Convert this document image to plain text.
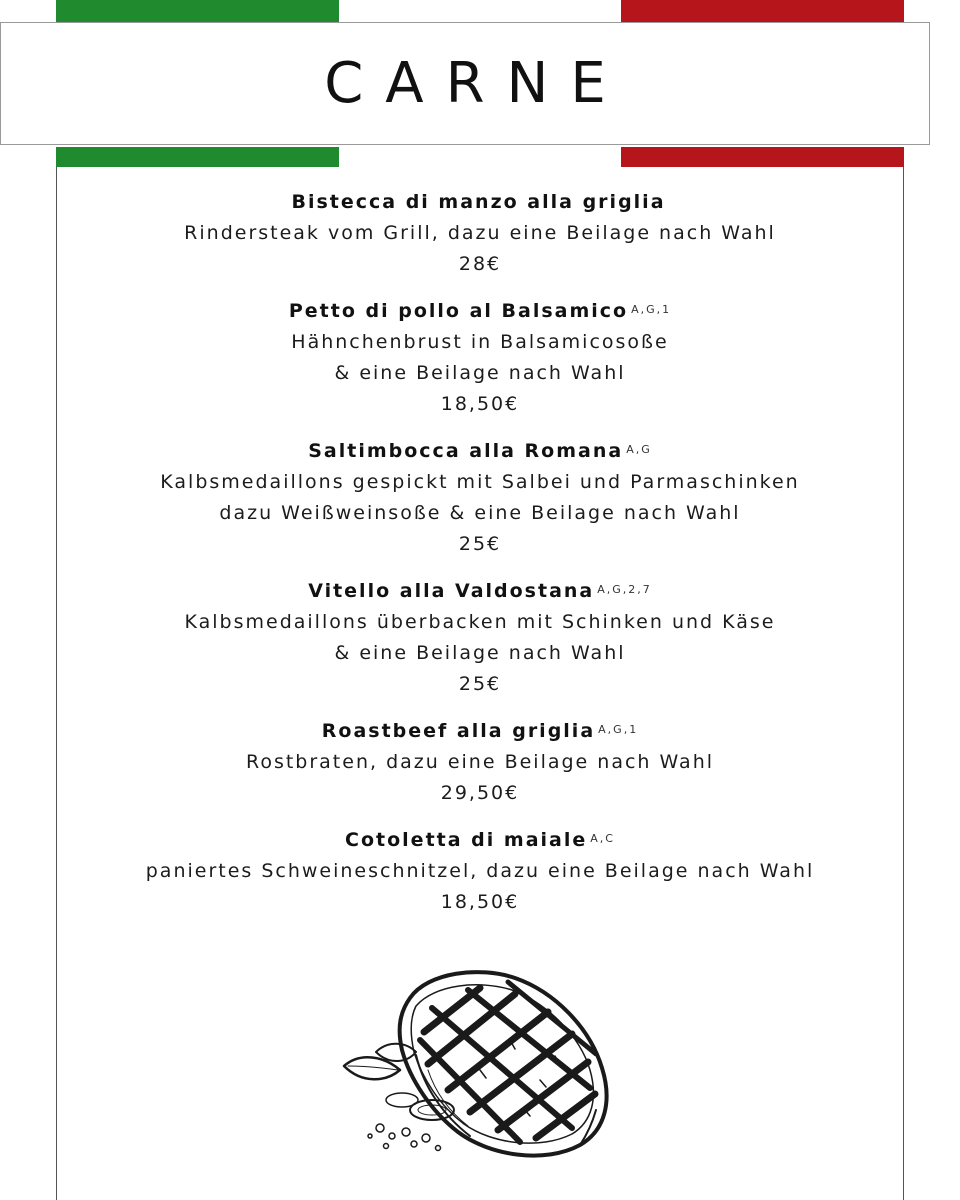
CARNE
Bistecca di manzo alla griglia
Rindersteak vom Grill, dazu eine Beilage nach Wahl
28€
Petto di pollo al Balsamico $^{A,G,1}$
Hähnchenbrust in Balsamicosoße
& eine Beilage nach Wahl
18,50€
Saltimbocca alla Romana $^{A,G}$
Kalbsmedaillons gespickt mit Salbei und Parmaschinken
dazu Weißweinsoße & eine Beilage nach Wahl
25€
Vitello alla Valdostana $^{A,G,2,7}$
Kalbsmedaillons überbacken mit Schinken und Käse
& eine Beilage nach Wahl
25€
Roastbeef alla griglia $^{A,G,1}$
Rostbraten, dazu eine Beilage nach Wahl
29,50€
Cotoletta di maiale $^{A,C}$
paniertes Schweineschnitzel, dazu eine Beilage nach Wahl
18,50€
